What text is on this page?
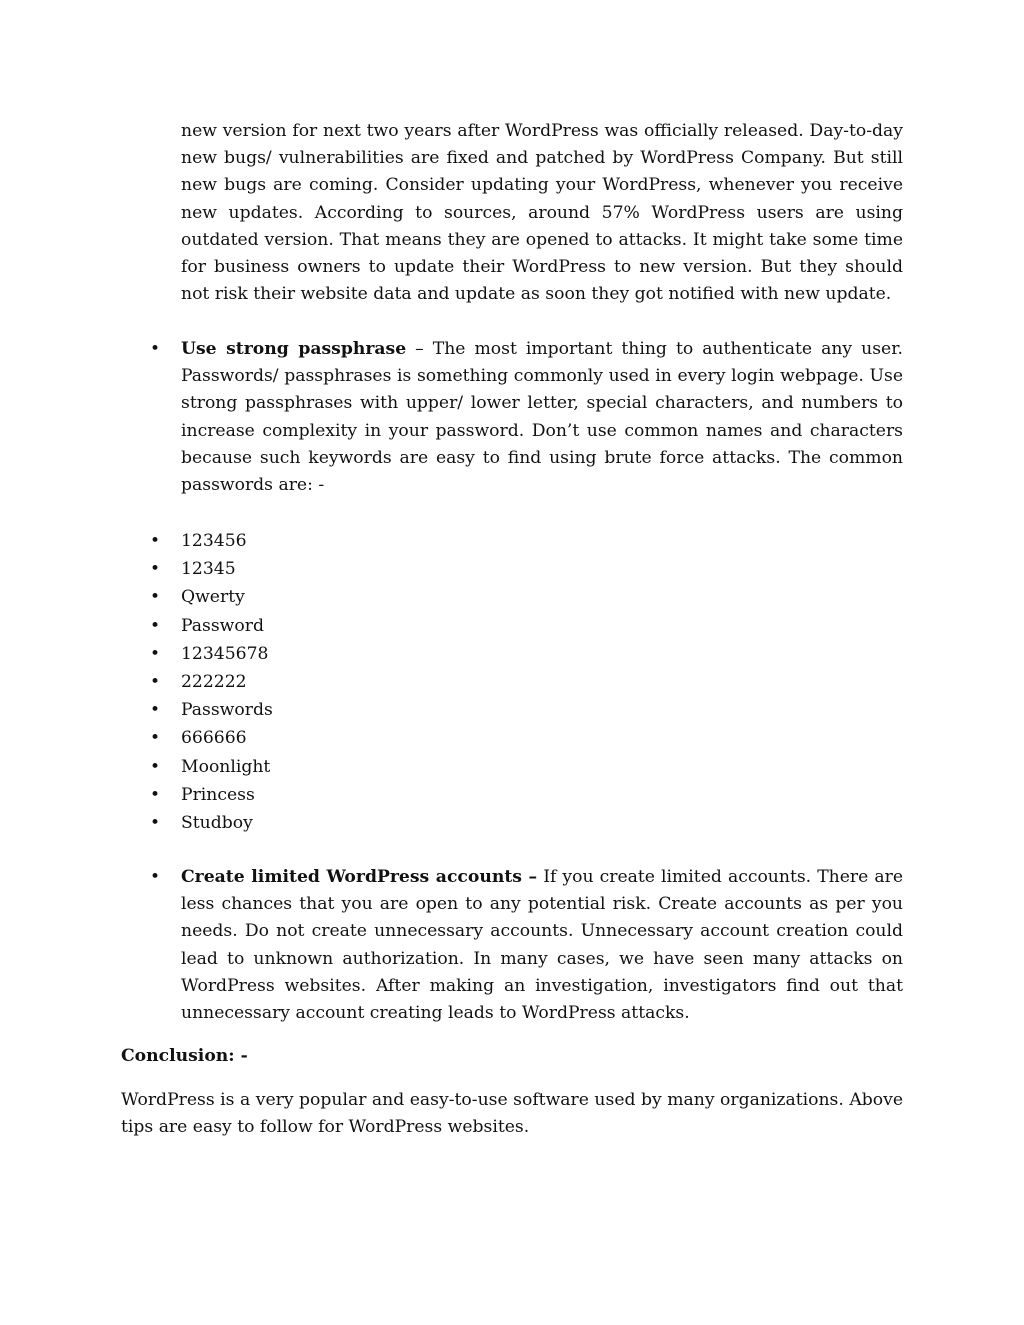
new version for next two years after WordPress was officially released. Day-to-day new bugs/ vulnerabilities are fixed and patched by WordPress Company. But still new bugs are coming. Consider updating your WordPress, whenever you receive new updates. According to sources, around 57% WordPress users are using outdated version. That means they are opened to attacks. It might take some time for business owners to update their WordPress to new version. But they should not risk their website data and update as soon they got notified with new update.

• Use strong passphrase – The most important thing to authenticate any user. Passwords/ passphrases is something commonly used in every login webpage. Use strong passphrases with upper/ lower letter, special characters, and numbers to increase complexity in your password. Don’t use common names and characters because such keywords are easy to find using brute force attacks. The common passwords are: -

• 123456
• 12345
• Qwerty
• Password
• 12345678
• 222222
• Passwords
• 666666
• Moonlight
• Princess
• Studboy
• Create limited WordPress accounts – If you create limited accounts. There are less chances that you are open to any potential risk. Create accounts as per you needs. Do not create unnecessary accounts. Unnecessary account creation could lead to unknown authorization. In many cases, we have seen many attacks on WordPress websites. After making an investigation, investigators find out that unnecessary account creating leads to WordPress attacks.

Conclusion: -

WordPress is a very popular and easy-to-use software used by many organizations. Above tips are easy to follow for WordPress websites.
